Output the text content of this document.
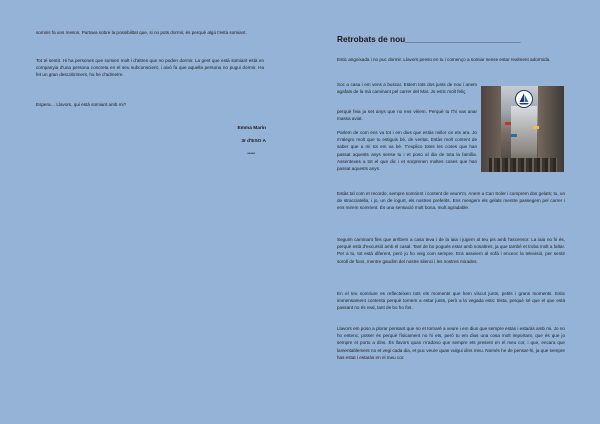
somnis fa uns mesos. Partava sobre la possibilitat que, si no pots dormir, és perquè algú t'està somiant.

Tot té sentit. Hi ha persones que somien molt i d'altres que no poden dormir. La gent que està somiant està en companyia d'una persona concreta en el seu subconscient, i això fa que aquella persona no pugui dormir. Ha fet un gran descobriment, ho he d'admetre.

Espera… Llavors, qui està somiant amb mi?

Emma Marín
3r d'ESO A
*****
Retrobats de nou_________________________

Estic angoixada i no puc dormir. Llavors penso en tu i començo a somiar sense estar realment adormida.

Soc a casa i em vens a buscar. Estem tots dos junts de nou i anem agafats de la mà caminant pel carrer del Mar. Jo estic molt feliç

perquè feia ja set anys que no ens vèiem. Perquè tu t'hi vas anar massa aviat.

Parlem de com ens va tot i em dius que estàs millor on ets ara. Jo m'alegro molt que tu estiguis bé, de veritat. Estàs molt content de saber que a mi tot em va bé. T'explico totes les coses que han passat aquests anys sense tu i et poso al dia de tota la família. Assentexes a tot el que dic i et sorprenen moltes coses que han passat aquests anys.

Estàs tal com et recordo, sempre somrient i content de veure'm. Anem a Can Soler i comprem dos gelats; tu, un de stracciatella, i jo, un de iogurt, els nostres preferits. Ens mengem els gelats mentre passegem pel carrer i ens mirem somrient. És una sensació molt bona, molt agradable.

Seguim caminant fins que arribem a casa teva i de la iaia i jugem al teu pis amb l'ascensor. La iaia no hi és, perquè està d'excursió amb el casal. Tant de bo pogués estar amb nosaltres, ja que també et troba molt a faltar. Per a tu, tot està diferent, però jo ho veig com sempre. Ens asseiem al sofà i encenc la televisió, per sentir soroll de fons, mentre gaudim del nostre silenci i les nostres mirades.

En el teu somriure es reflecteixen tots els moments que hem viscut junts, petits i grans moments. Estic immensament contenta perquè tornem a estar junts, però a la vegada estic trista, perquè sé que el que està passant no és real, tant de bo ho fos.

Llavors em poso a plorar pensant que no et tornaré a veure i em dius que sempre estàs i estaràs amb mi. Jo no ho entenc, potser és perquè físicament no hi ets, però tu em dius una cosa molt important, que és que jo sempre et porto a dins. És llavors quan m'adono que sempre ets present en el meu cor, i que, encara que lamentablement no et vegi cada dia, et puc veure quan vulgui dins meu. Només he de pensar-hi, ja que sempre has estat i estaràs en el meu cor.
